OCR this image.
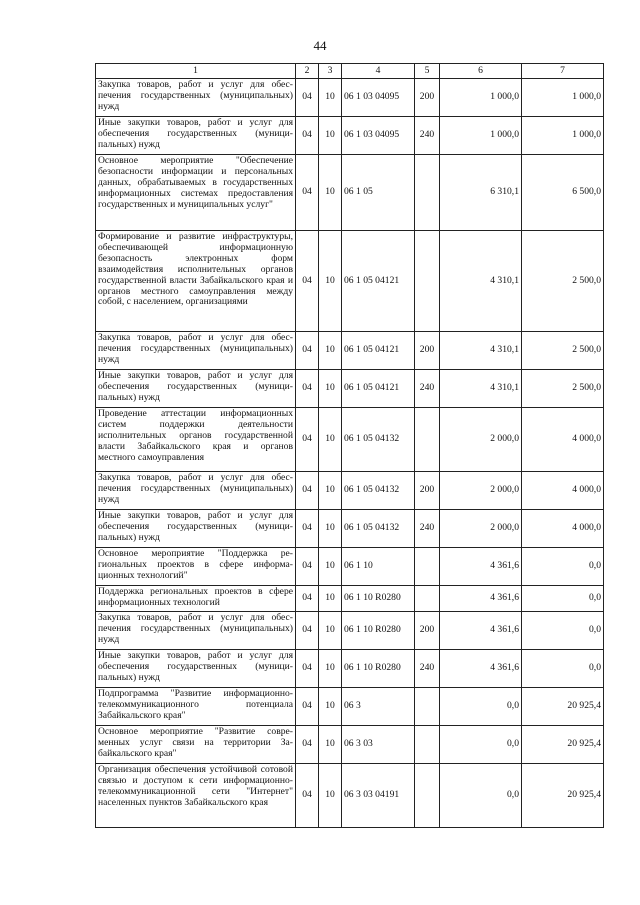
44
1	2	3	4	5	6	7
Закупка товаров, работ и услуг для обеспечения государственных (муниципальных) нужд	04	10	06 1 03 04095	200	1 000,0	1 000,0
Иные закупки товаров, работ и услуг для обеспечения государственных (муниципальных) нужд	04	10	06 1 03 04095	240	1 000,0	1 000,0
Основное мероприятие "Обеспечение безопасности информации и персональных данных, обрабатываемых в государственных информационных системах предоставления государственных и муниципальных услуг"	04	10	06 1 05		6 310,1	6 500,0
Формирование и развитие инфраструктуры, обеспечивающей информационную безопасность электронных форм взаимодействия исполнительных органов государственной власти Забайкальского края и органов местного самоуправления между собой, с населением, организациями	04	10	06 1 05 04121		4 310,1	2 500,0
Закупка товаров, работ и услуг для обеспечения государственных (муниципальных) нужд	04	10	06 1 05 04121	200	4 310,1	2 500,0
Иные закупки товаров, работ и услуг для обеспечения государственных (муниципальных) нужд	04	10	06 1 05 04121	240	4 310,1	2 500,0
Проведение аттестации информационных систем поддержки деятельности исполнительных органов государственной власти Забайкальского края и органов местного самоуправления	04	10	06 1 05 04132		2 000,0	4 000,0
Закупка товаров, работ и услуг для обеспечения государственных (муниципальных) нужд	04	10	06 1 05 04132	200	2 000,0	4 000,0
Иные закупки товаров, работ и услуг для обеспечения государственных (муниципальных) нужд	04	10	06 1 05 04132	240	2 000,0	4 000,0
Основное мероприятие "Поддержка региональных проектов в сфере информационных технологий"	04	10	06 1 10		4 361,6	0,0
Поддержка региональных проектов в сфере информационных технологий	04	10	06 1 10 R0280		4 361,6	0,0
Закупка товаров, работ и услуг для обеспечения государственных (муниципальных) нужд	04	10	06 1 10 R0280	200	4 361,6	0,0
Иные закупки товаров, работ и услуг для обеспечения государственных (муниципальных) нужд	04	10	06 1 10 R0280	240	4 361,6	0,0
Подпрограмма "Развитие информационно-телекоммуникационного потенциала Забайкальского края"	04	10	06 3		0,0	20 925,4
Основное мероприятие "Развитие современных услуг связи на территории Забайкальского края"	04	10	06 3 03		0,0	20 925,4
Организация обеспечения устойчивой сотовой связью и доступом к сети информационно-телекоммуникационной сети "Интернет" населенных пунктов Забайкальского края	04	10	06 3 03 04191		0,0	20 925,4
